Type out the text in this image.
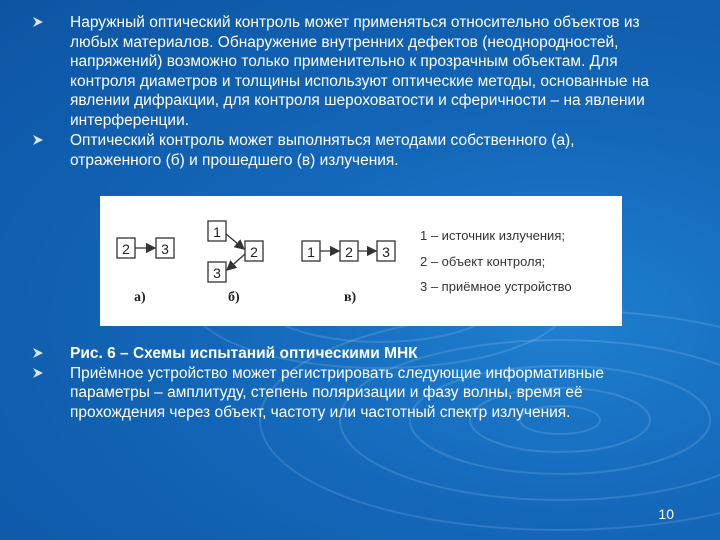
Наружный оптический контроль может применяться относительно объектов из любых материалов. Обнаружение внутренних дефектов (неоднородностей, напряжений) возможно только применительно к прозрачным объектам. Для контроля диаметров и толщины используют оптические методы, основанные на явлении дифракции, для контроля шероховатости и сферичности – на явлении интерференции.
Оптический контроль может выполняться методами собственного (а), отраженного (б) и прошедшего (в) излучения.
2 3
1
2
3
1 2 3
а)	б)	в)
1 – источник излучения;
2 – объект контроля;
3 – приёмное устройство
Рис. 6 – Схемы испытаний оптическими МНК
Приёмное устройство может регистрировать следующие информативные параметры – амплитуду, степень поляризации и фазу волны, время её прохождения через объект, частоту или частотный спектр излучения.
10
